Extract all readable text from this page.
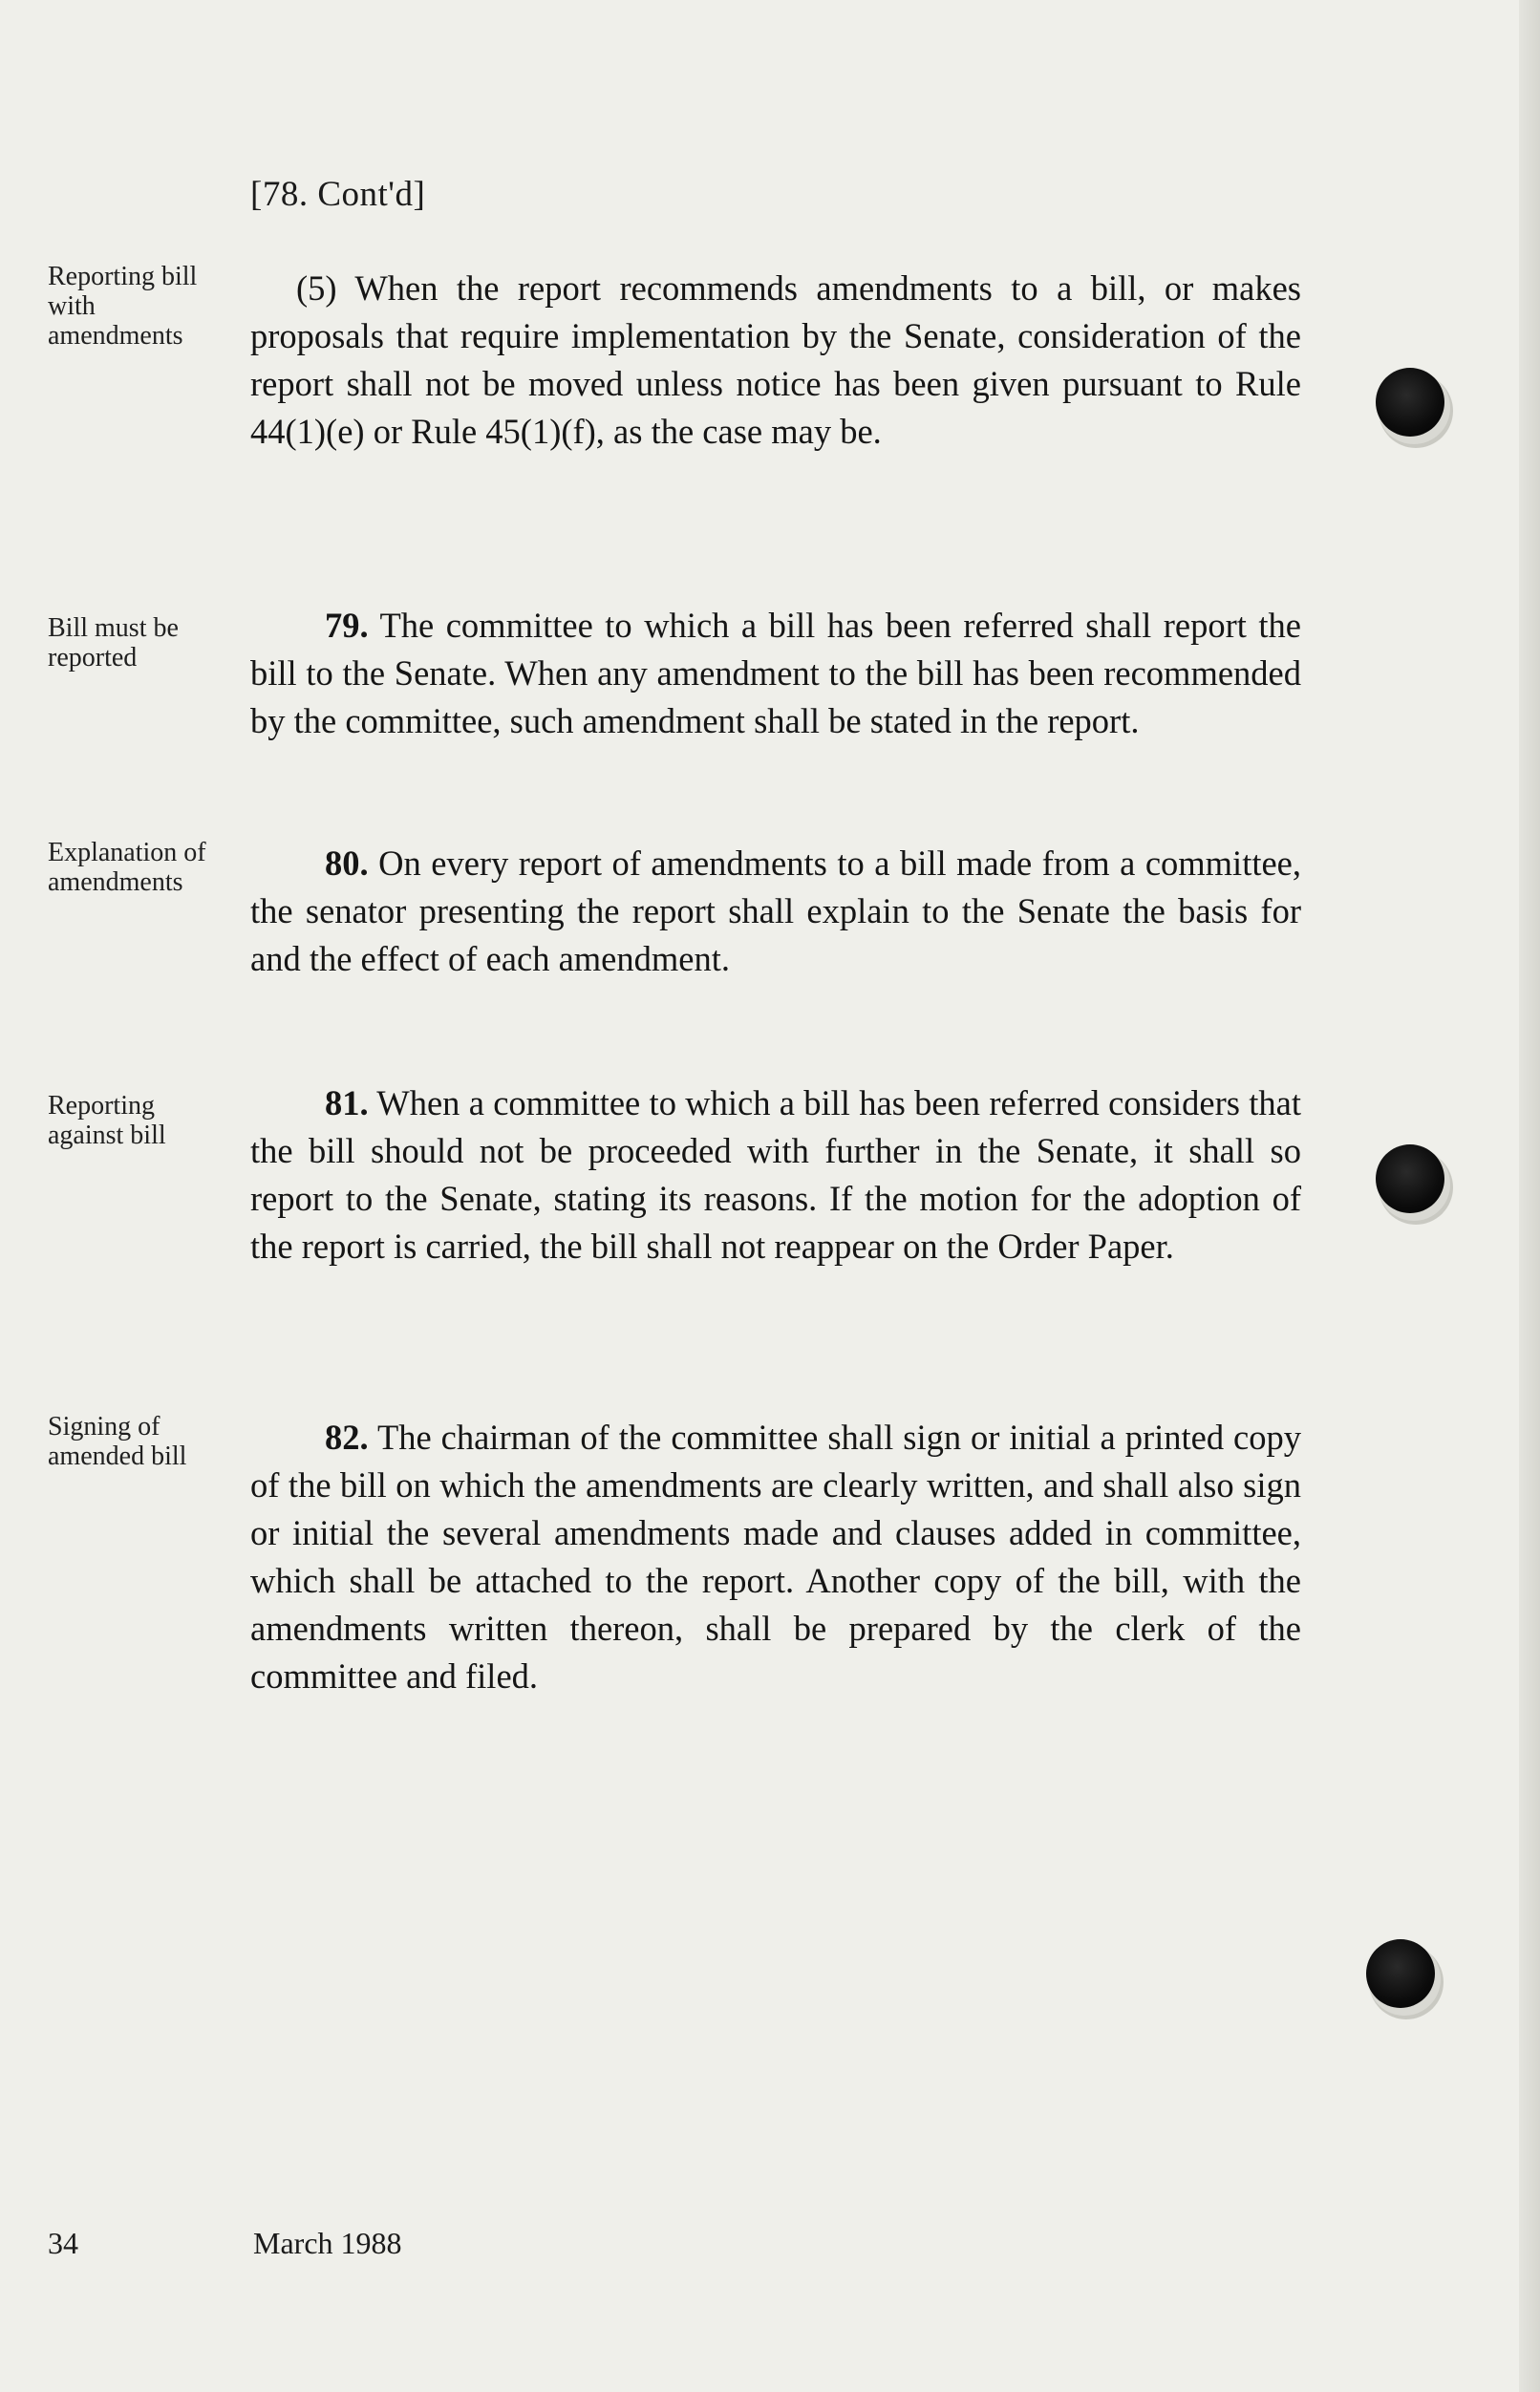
[78. Cont'd]
Reporting bill with amendments
(5) When the report recommends amendments to a bill, or makes proposals that require implementation by the Senate, consideration of the report shall not be moved unless notice has been given pursuant to Rule 44(1)(e) or Rule 45(1)(f), as the case may be.
Bill must be reported
79. The committee to which a bill has been referred shall report the bill to the Senate. When any amendment to the bill has been recommended by the committee, such amendment shall be stated in the report.
Explanation of amendments	80. On every report of amendments to a bill made from a committee, the senator presenting the report shall explain to the Senate the basis for and the effect of each amendment.
Reporting against bill
81. When a committee to which a bill has been referred considers that the bill should not be proceeded with further in the Senate, it shall so report to the Senate, stating its reasons. If the motion for the adoption of the report is carried, the bill shall not reappear on the Order Paper.
Signing of amended bill	82. The chairman of the committee shall sign or initial a printed copy of the bill on which the amendments are clearly written, and shall also sign or initial the several amendments made and clauses added in committee, which shall be attached to the report. Another copy of the bill, with the amendments written thereon, shall be prepared by the clerk of the committee and filed.
34	March 1988
